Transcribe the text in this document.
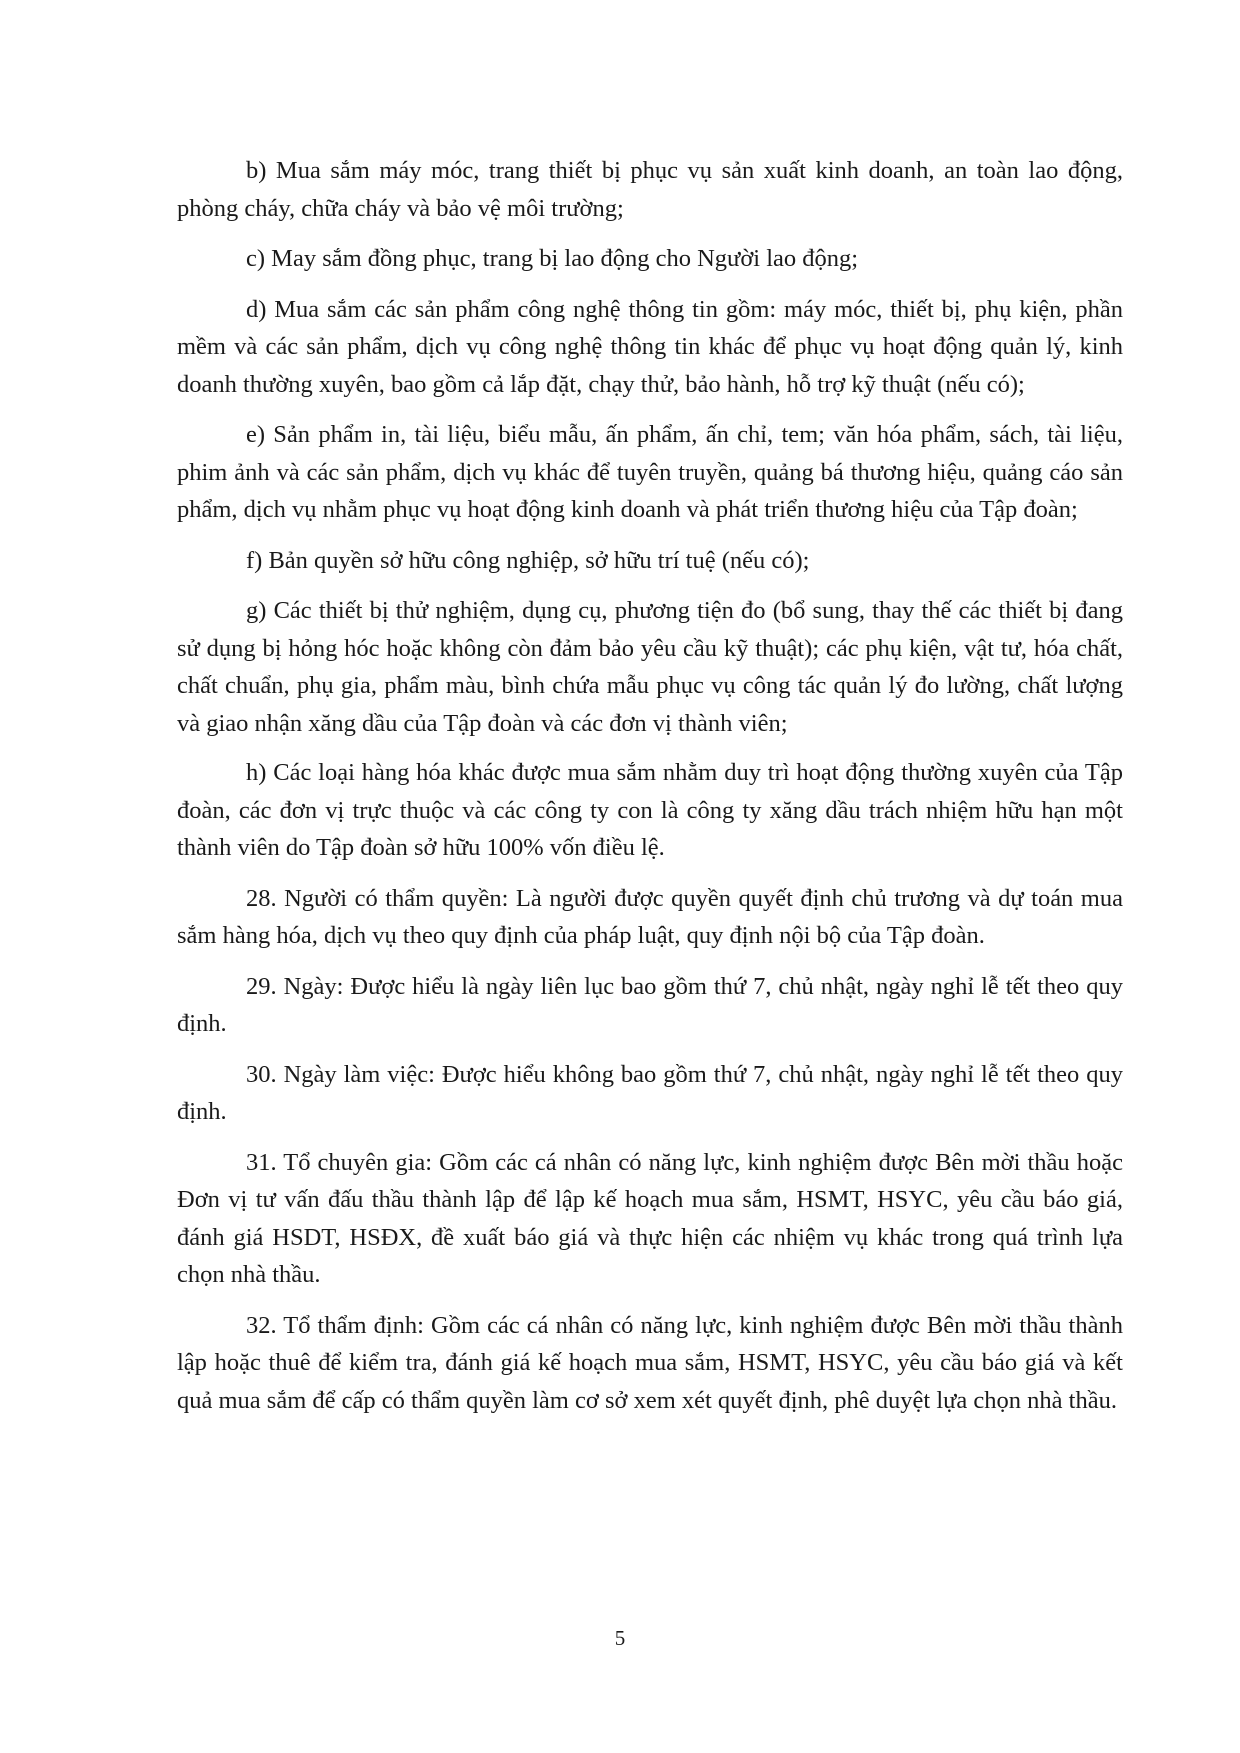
b) Mua sắm máy móc, trang thiết bị phục vụ sản xuất kinh doanh, an toàn lao động, phòng cháy, chữa cháy và bảo vệ môi trường;

c) May sắm đồng phục, trang bị lao động cho Người lao động;

d) Mua sắm các sản phẩm công nghệ thông tin gồm: máy móc, thiết bị, phụ kiện, phần mềm và các sản phẩm, dịch vụ công nghệ thông tin khác để phục vụ hoạt động quản lý, kinh doanh thường xuyên, bao gồm cả lắp đặt, chạy thử, bảo hành, hỗ trợ kỹ thuật (nếu có);

e) Sản phẩm in, tài liệu, biểu mẫu, ấn phẩm, ấn chỉ, tem; văn hóa phẩm, sách, tài liệu, phim ảnh và các sản phẩm, dịch vụ khác để tuyên truyền, quảng bá thương hiệu, quảng cáo sản phẩm, dịch vụ nhằm phục vụ hoạt động kinh doanh và phát triển thương hiệu của Tập đoàn;

f) Bản quyền sở hữu công nghiệp, sở hữu trí tuệ (nếu có);

g) Các thiết bị thử nghiệm, dụng cụ, phương tiện đo (bổ sung, thay thế các thiết bị đang sử dụng bị hỏng hóc hoặc không còn đảm bảo yêu cầu kỹ thuật); các phụ kiện, vật tư, hóa chất, chất chuẩn, phụ gia, phẩm màu, bình chứa mẫu phục vụ công tác quản lý đo lường, chất lượng và giao nhận xăng dầu của Tập đoàn và các đơn vị thành viên;

h) Các loại hàng hóa khác được mua sắm nhằm duy trì hoạt động thường xuyên của Tập đoàn, các đơn vị trực thuộc và các công ty con là công ty xăng dầu trách nhiệm hữu hạn một thành viên do Tập đoàn sở hữu 100% vốn điều lệ.

28. Người có thẩm quyền: Là người được quyền quyết định chủ trương và dự toán mua sắm hàng hóa, dịch vụ theo quy định của pháp luật, quy định nội bộ của Tập đoàn.

29. Ngày: Được hiểu là ngày liên lục bao gồm thứ 7, chủ nhật, ngày nghỉ lễ tết theo quy định.

30. Ngày làm việc: Được hiểu không bao gồm thứ 7, chủ nhật, ngày nghỉ lễ tết theo quy định.

31. Tổ chuyên gia: Gồm các cá nhân có năng lực, kinh nghiệm được Bên mời thầu hoặc Đơn vị tư vấn đấu thầu thành lập để lập kế hoạch mua sắm, HSMT, HSYC, yêu cầu báo giá, đánh giá HSDT, HSĐX, đề xuất báo giá và thực hiện các nhiệm vụ khác trong quá trình lựa chọn nhà thầu.

32. Tổ thẩm định: Gồm các cá nhân có năng lực, kinh nghiệm được Bên mời thầu thành lập hoặc thuê để kiểm tra, đánh giá kế hoạch mua sắm, HSMT, HSYC, yêu cầu báo giá và kết quả mua sắm để cấp có thẩm quyền làm cơ sở xem xét quyết định, phê duyệt lựa chọn nhà thầu.

5
